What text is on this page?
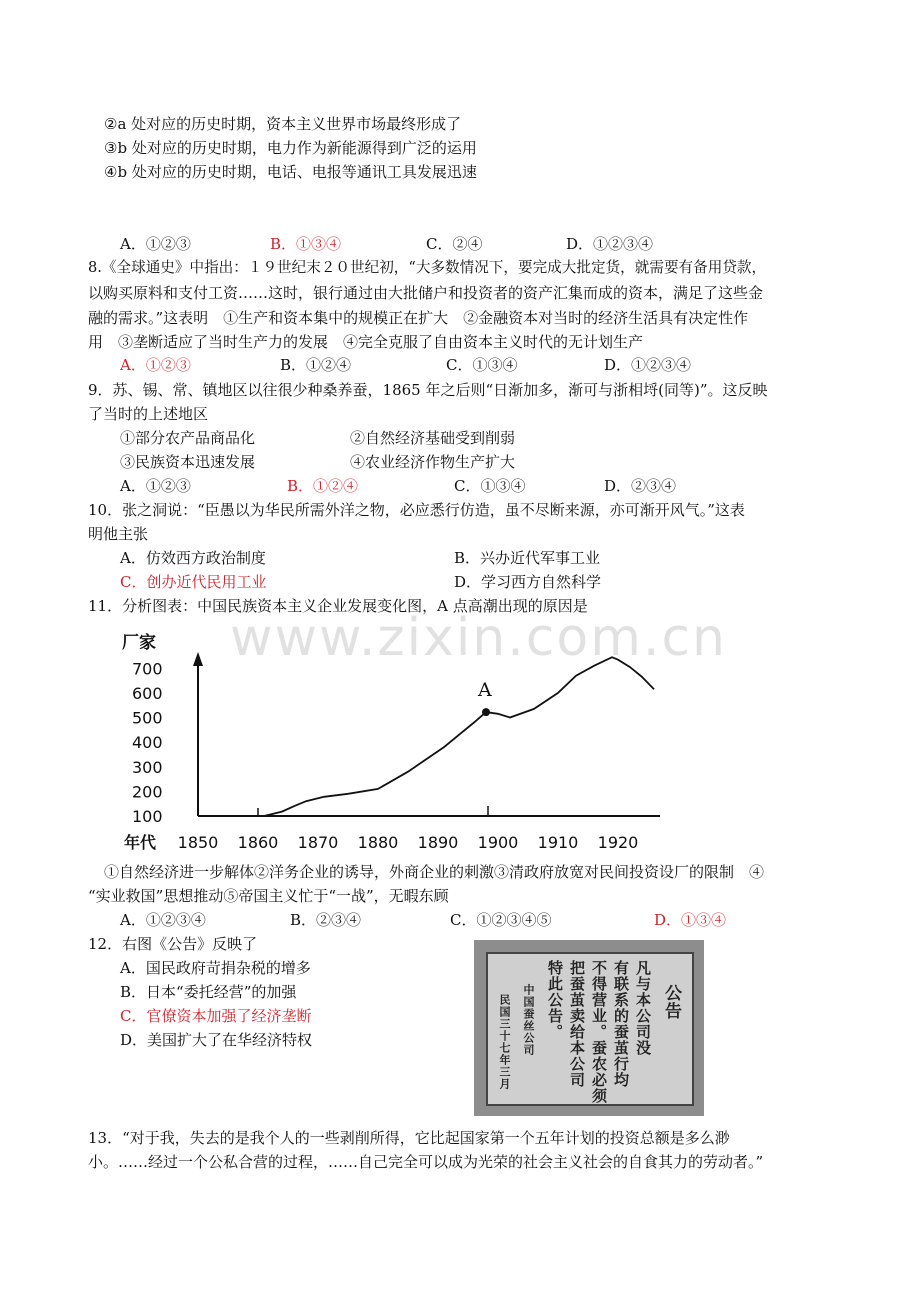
www.zixin.com.cn
②a 处对应的历史时期，资本主义世界市场最终形成了
③b 处对应的历史时期，电力作为新能源得到广泛的运用
④b 处对应的历史时期，电话、电报等通讯工具发展迅速
A．①②③	B．①③④	C．②④	D．①②③④
8.《全球通史》中指出：１９世纪末２０世纪初，“大多数情况下，要完成大批定货，就需要有备用贷款，
以购买原料和支付工资……这时，银行通过由大批储户和投资者的资产汇集而成的资本，满足了这些金
融的需求。”这表明　①生产和资本集中的规模正在扩大　②金融资本对当时的经济生活具有决定性作
用　③垄断适应了当时生产力的发展　④完全克服了自由资本主义时代的无计划生产
A．①②③	B．①②④	C．①③④	D．①②③④
9．苏、锡、常、镇地区以往很少种桑养蚕，1865 年之后则“日渐加多，渐可与浙相埒(同等)”。这反映
了当时的上述地区
①部分农产品商品化	②自然经济基础受到削弱
③民族资本迅速发展	④农业经济作物生产扩大
A．①②③	B．①②④	C．①③④	D．②③④
10．张之洞说：“臣愚以为华民所需外洋之物，必应悉行仿造，虽不尽断来源，亦可渐开风气。”这表
明他主张
A．仿效西方政治制度	B．兴办近代军事工业
C．创办近代民用工业	D．学习西方自然科学
11．分析图表：中国民族资本主义企业发展变化图，A 点高潮出现的原因是
厂家
年代
700
600
500
400
300
200
100
1850 1860 1870 1880 1890 1900 1910 1920
A
①自然经济进一步解体②洋务企业的诱导，外商企业的刺激③清政府放宽对民间投资设厂的限制　④
“实业救国”思想推动⑤帝国主义忙于“一战”，无暇东顾
A．①②③④	B．②③④	C．①②③④⑤	D．①③④
12．右图《公告》反映了
A．国民政府苛捐杂税的增多
B．日本“委托经营”的加强
C．官僚资本加强了经济垄断
D．美国扩大了在华经济特权
公告
凡与本公司没
有联系的蚕茧行均
不得营业。蚕农必须
把蚕茧卖给本公司
特此公告。
中国蚕丝公司
民国三十七年三月
13．“对于我，失去的是我个人的一些剥削所得，它比起国家第一个五年计划的投资总额是多么渺
小。……经过一个公私合营的过程，……自己完全可以成为光荣的社会主义社会的自食其力的劳动者。”
